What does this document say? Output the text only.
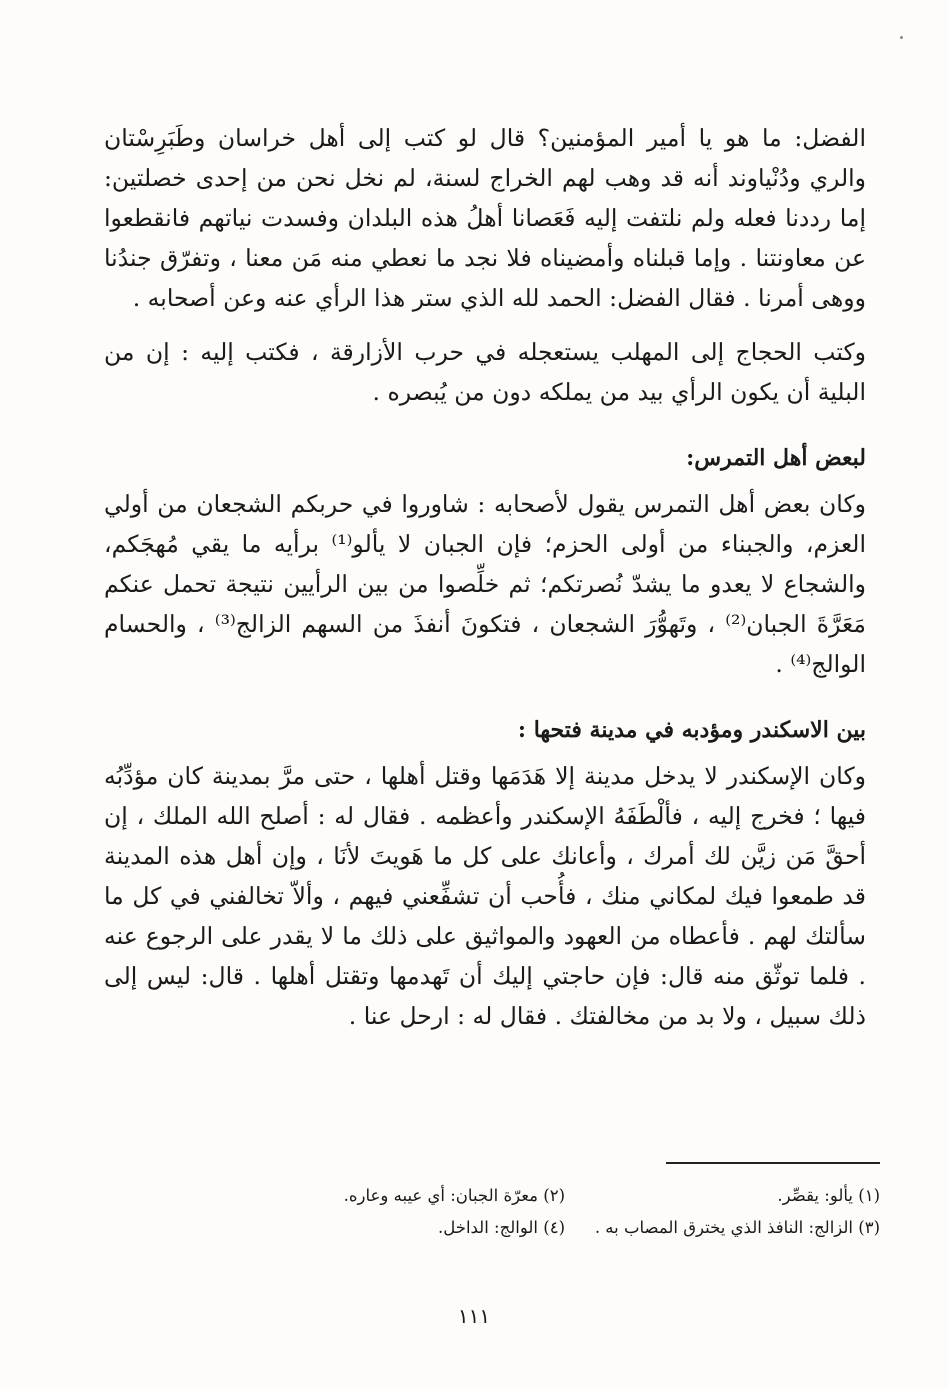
الفضل: ما هو يا أمير المؤمنين؟ قال لو كتب إلى أهل خراسان وطَبَرِسْتان والري ودُنْياوند أنه قد وهب لهم الخراج لسنة، لم نخل نحن من إحدى خصلتين: إما رددنا فعله ولم نلتفت إليه فَعَصانا أهلُ هذه البلدان وفسدت نياتهم فانقطعوا عن معاونتنا . وإما قبلناه وأمضيناه فلا نجد ما نعطي منه مَن معنا ، وتفرّق جندُنا ووهى أمرنا . فقال الفضل: الحمد لله الذي ستر هذا الرأي عنه وعن أصحابه .

وكتب الحجاج إلى المهلب يستعجله في حرب الأزارقة ، فكتب إليه : إن من البلية أن يكون الرأي بيد من يملكه دون من يُبصره .

لبعض أهل التمرس:

وكان بعض أهل التمرس يقول لأصحابه : شاوروا في حربكم الشجعان من أولي العزم، والجبناء من أولى الحزم؛ فإن الجبان لا يألو⁽¹⁾ برأيه ما يقي مُهجَكم، والشجاع لا يعدو ما يشدّ نُصرتكم؛ ثم خلِّصوا من بين الرأيين نتيجة تحمل عنكم مَعَرَّةَ الجبان⁽²⁾ ، وتَهوُّرَ الشجعان ، فتكونَ أنفذَ من السهم الزالج⁽³⁾ ، والحسام الوالج⁽⁴⁾ .

بين الاسكندر ومؤدبه في مدينة فتحها :

وكان الإسكندر لا يدخل مدينة إلا هَدَمَها وقتل أهلها ، حتى مرَّ بمدينة كان مؤدِّبُه فيها ؛ فخرج إليه ، فألْطَفَهُ الإسكندر وأعظمه . فقال له : أصلح الله الملك ، إن أحقَّ مَن زيَّن لك أمرك ، وأعانك على كل ما هَويتَ لأنَا ، وإن أهل هذه المدينة قد طمعوا فيك لمكاني منك ، فأُحب أن تشفِّعني فيهم ، وألاّ تخالفني في كل ما سألتك لهم . فأعطاه من العهود والمواثيق على ذلك ما لا يقدر على الرجوع عنه . فلما توثّق منه قال: فإن حاجتي إليك أن تَهدمها وتقتل أهلها . قال: ليس إلى ذلك سبيل ، ولا بد من مخالفتك . فقال له : ارحل عنا .

(١) يألو: يقصِّر.
(٢) معرّة الجبان: أي عيبه وعاره.
(٣) الزالج: النافذ الذي يخترق المصاب به .
(٤) الوالج: الداخل.
١١١
